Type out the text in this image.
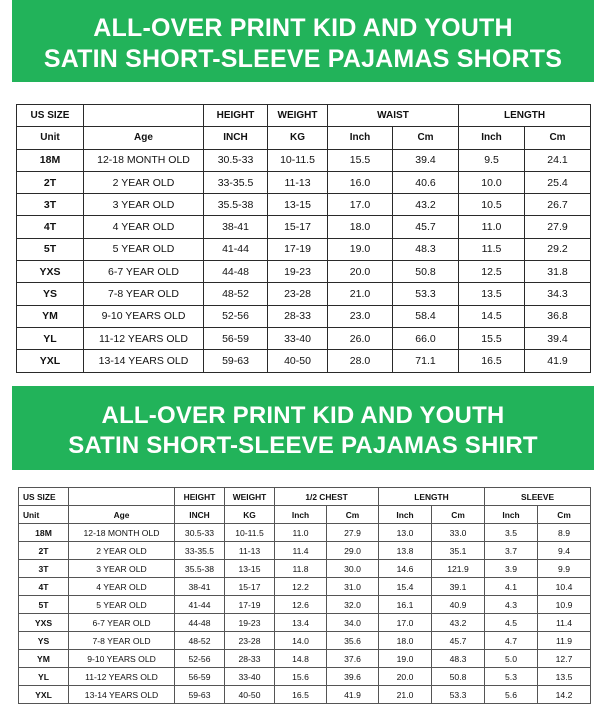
ALL-OVER PRINT KID AND YOUTH
SATIN SHORT-SLEEVE PAJAMAS SHORTS
US SIZE		HEIGHT	WEIGHT	WAIST		LENGTH	
Unit	Age	INCH	KG	Inch	Cm	Inch	Cm
18M	12-18 MONTH OLD	30.5-33	10-11.5	15.5	39.4	9.5	24.1
2T	2 YEAR OLD	33-35.5	11-13	16.0	40.6	10.0	25.4
3T	3 YEAR OLD	35.5-38	13-15	17.0	43.2	10.5	26.7
4T	4 YEAR OLD	38-41	15-17	18.0	45.7	11.0	27.9
5T	5 YEAR OLD	41-44	17-19	19.0	48.3	11.5	29.2
YXS	6-7 YEAR OLD	44-48	19-23	20.0	50.8	12.5	31.8
YS	7-8 YEAR OLD	48-52	23-28	21.0	53.3	13.5	34.3
YM	9-10 YEARS OLD	52-56	28-33	23.0	58.4	14.5	36.8
YL	11-12 YEARS OLD	56-59	33-40	26.0	66.0	15.5	39.4
YXL	13-14 YEARS OLD	59-63	40-50	28.0	71.1	16.5	41.9
ALL-OVER PRINT KID AND YOUTH
SATIN SHORT-SLEEVE PAJAMAS SHIRT
US SIZE		HEIGHT	WEIGHT	1/2 CHEST		LENGTH		SLEEVE	
Unit	Age	INCH	KG	Inch	Cm	Inch	Cm	Inch	Cm
18M	12-18 MONTH OLD	30.5-33	10-11.5	11.0	27.9	13.0	33.0	3.5	8.9
2T	2 YEAR OLD	33-35.5	11-13	11.4	29.0	13.8	35.1	3.7	9.4
3T	3 YEAR OLD	35.5-38	13-15	11.8	30.0	14.6	121.9	3.9	9.9
4T	4 YEAR OLD	38-41	15-17	12.2	31.0	15.4	39.1	4.1	10.4
5T	5 YEAR OLD	41-44	17-19	12.6	32.0	16.1	40.9	4.3	10.9
YXS	6-7 YEAR OLD	44-48	19-23	13.4	34.0	17.0	43.2	4.5	11.4
YS	7-8 YEAR OLD	48-52	23-28	14.0	35.6	18.0	45.7	4.7	11.9
YM	9-10 YEARS OLD	52-56	28-33	14.8	37.6	19.0	48.3	5.0	12.7
YL	11-12 YEARS OLD	56-59	33-40	15.6	39.6	20.0	50.8	5.3	13.5
YXL	13-14 YEARS OLD	59-63	40-50	16.5	41.9	21.0	53.3	5.6	14.2
